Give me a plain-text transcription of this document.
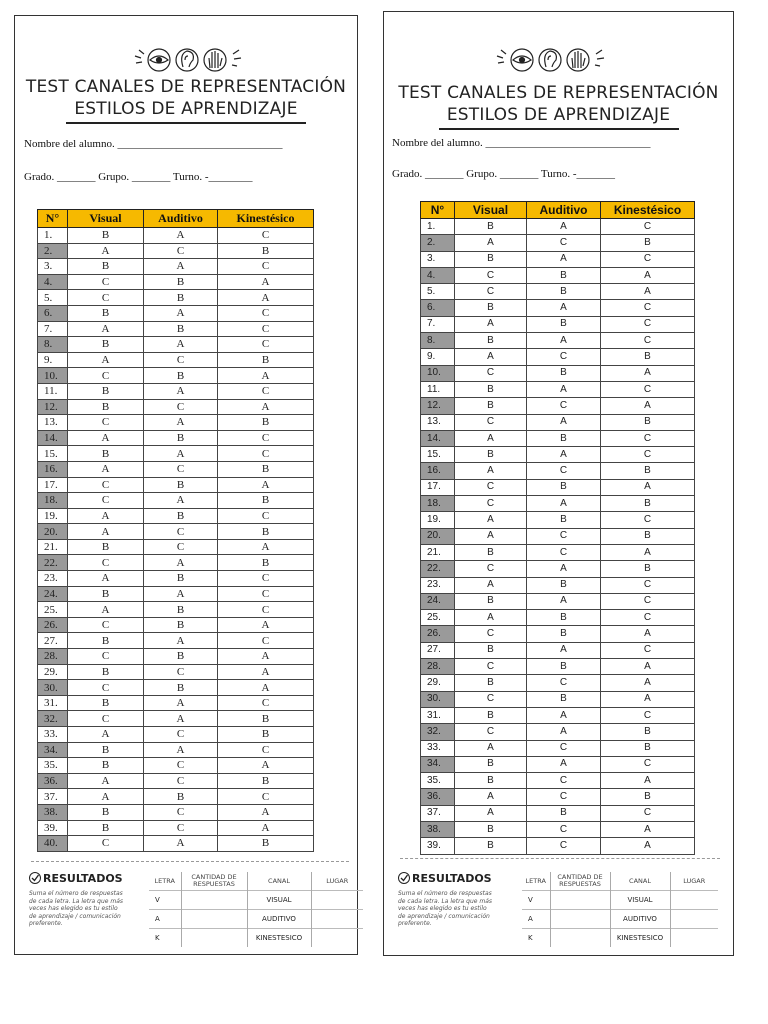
TEST CANALES DE REPRESENTACIÓN
ESTILOS DE APRENDIZAJE
Nombre del alumno. ______________________________
Grado. _______ Grupo. _______ Turno. -________
N°	Visual	Auditivo	Kinestésico
1.	B	A	C
2.	A	C	B
3.	B	A	C
4.	C	B	A
5.	C	B	A
6.	B	A	C
7.	A	B	C
8.	B	A	C
9.	A	C	B
10.	C	B	A
11.	B	A	C
12.	B	C	A
13.	C	A	B
14.	A	B	C
15.	B	A	C
16.	A	C	B
17.	C	B	A
18.	C	A	B
19.	A	B	C
20.	A	C	B
21.	B	C	A
22.	C	A	B
23.	A	B	C
24.	B	A	C
25.	A	B	C
26.	C	B	A
27.	B	A	C
28.	C	B	A
29.	B	C	A
30.	C	B	A
31.	B	A	C
32.	C	A	B
33.	A	C	B
34.	B	A	C
35.	B	C	A
36.	A	C	B
37.	A	B	C
38.	B	C	A
39.	B	C	A
40.	C	A	B
RESULTADOS
Suma el número de respuestas de cada letra. La letra que más veces has elegido es tu estilo de aprendizaje / comunicación preferente.
LETRA	CANTIDAD DE RESPUESTAS	CANAL	LUGAR
V		VISUAL	
A		AUDITIVO	
K		KINESTESICO	
TEST CANALES DE REPRESENTACIÓN
ESTILOS DE APRENDIZAJE
Nombre del alumno. ______________________________
Grado. _______ Grupo. _______ Turno. -_______
N°	Visual	Auditivo	Kinestésico
1.	B	A	C
2.	A	C	B
3.	B	A	C
4.	C	B	A
5.	C	B	A
6.	B	A	C
7.	A	B	C
8.	B	A	C
9.	A	C	B
10.	C	B	A
11.	B	A	C
12.	B	C	A
13.	C	A	B
14.	A	B	C
15.	B	A	C
16.	A	C	B
17.	C	B	A
18.	C	A	B
19.	A	B	C
20.	A	C	B
21.	B	C	A
22.	C	A	B
23.	A	B	C
24.	B	A	C
25.	A	B	C
26.	C	B	A
27.	B	A	C
28.	C	B	A
29.	B	C	A
30.	C	B	A
31.	B	A	C
32.	C	A	B
33.	A	C	B
34.	B	A	C
35.	B	C	A
36.	A	C	B
37.	A	B	C
38.	B	C	A
39.	B	C	A
RESULTADOS
Suma el número de respuestas de cada letra. La letra que más veces has elegido es tu estilo de aprendizaje / comunicación preferente.
LETRA	CANTIDAD DE RESPUESTAS	CANAL	LUGAR
V		VISUAL	
A		AUDITIVO	
K		KINESTESICO	
